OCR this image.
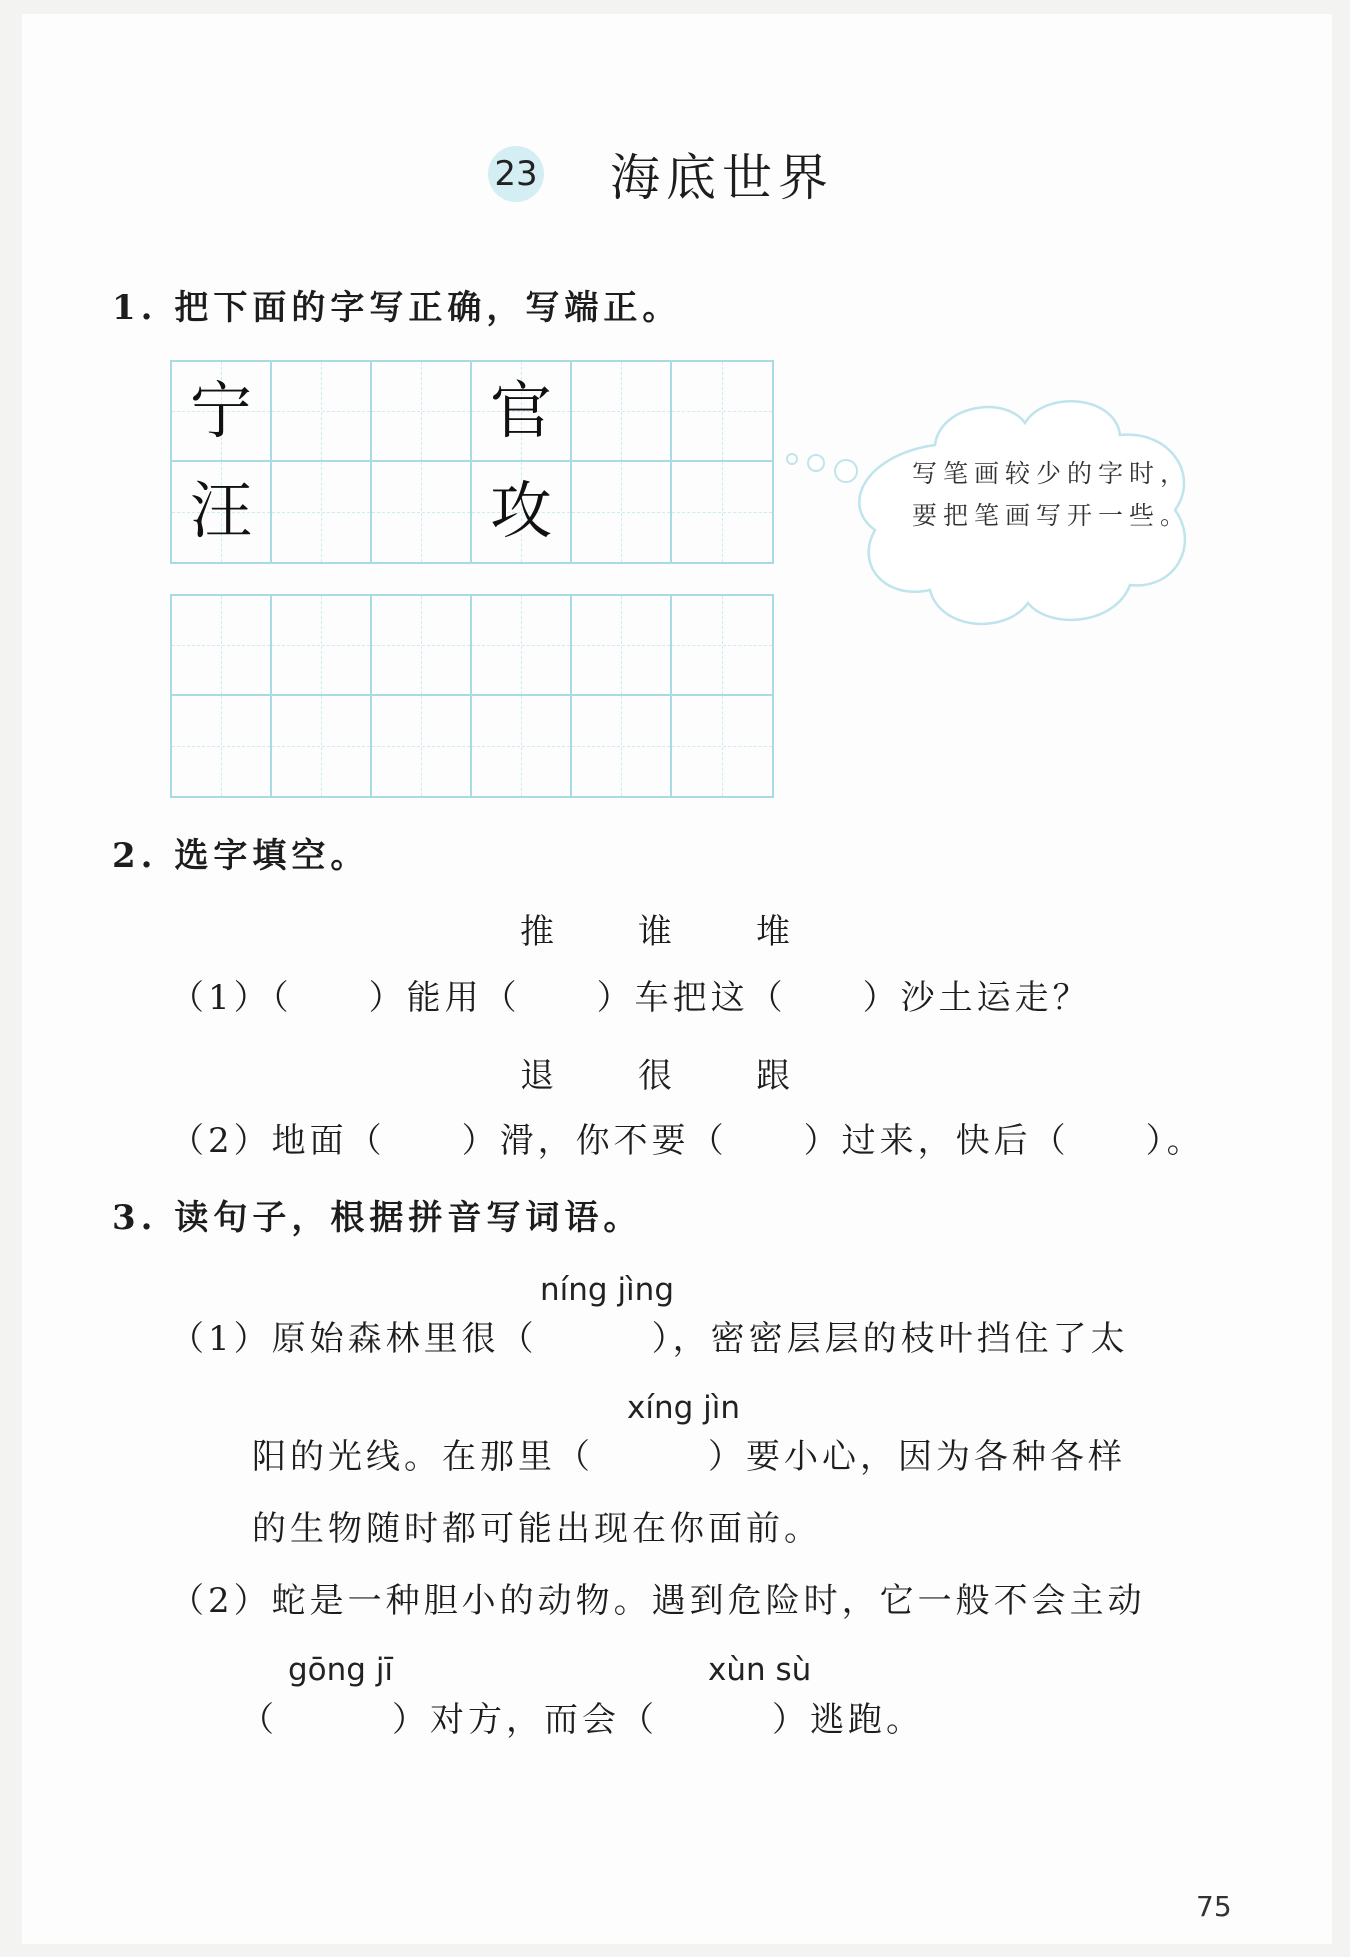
23 海底世界
1. 把下面的字写正确，写端正。
宁	官
汪	攻
写笔画较少的字时，要把笔画写开一些。
2. 选字填空。
推 谁 堆
（1）（　　）能用（　　）车把这（　　）沙土运走？
退 很 跟
（2）地面（　　）滑，你不要（　　）过来，快后（　　）。
3. 读句子，根据拼音写词语。
níng jìng
（1）原始森林里很（　　　），密密层层的枝叶挡住了太
xíng jìn
阳的光线。在那里（　　　）要小心，因为各种各样
的生物随时都可能出现在你面前。
（2）蛇是一种胆小的动物。遇到危险时，它一般不会主动
gōng jī	xùn sù
（　　　）对方，而会（　　　）逃跑。
75
